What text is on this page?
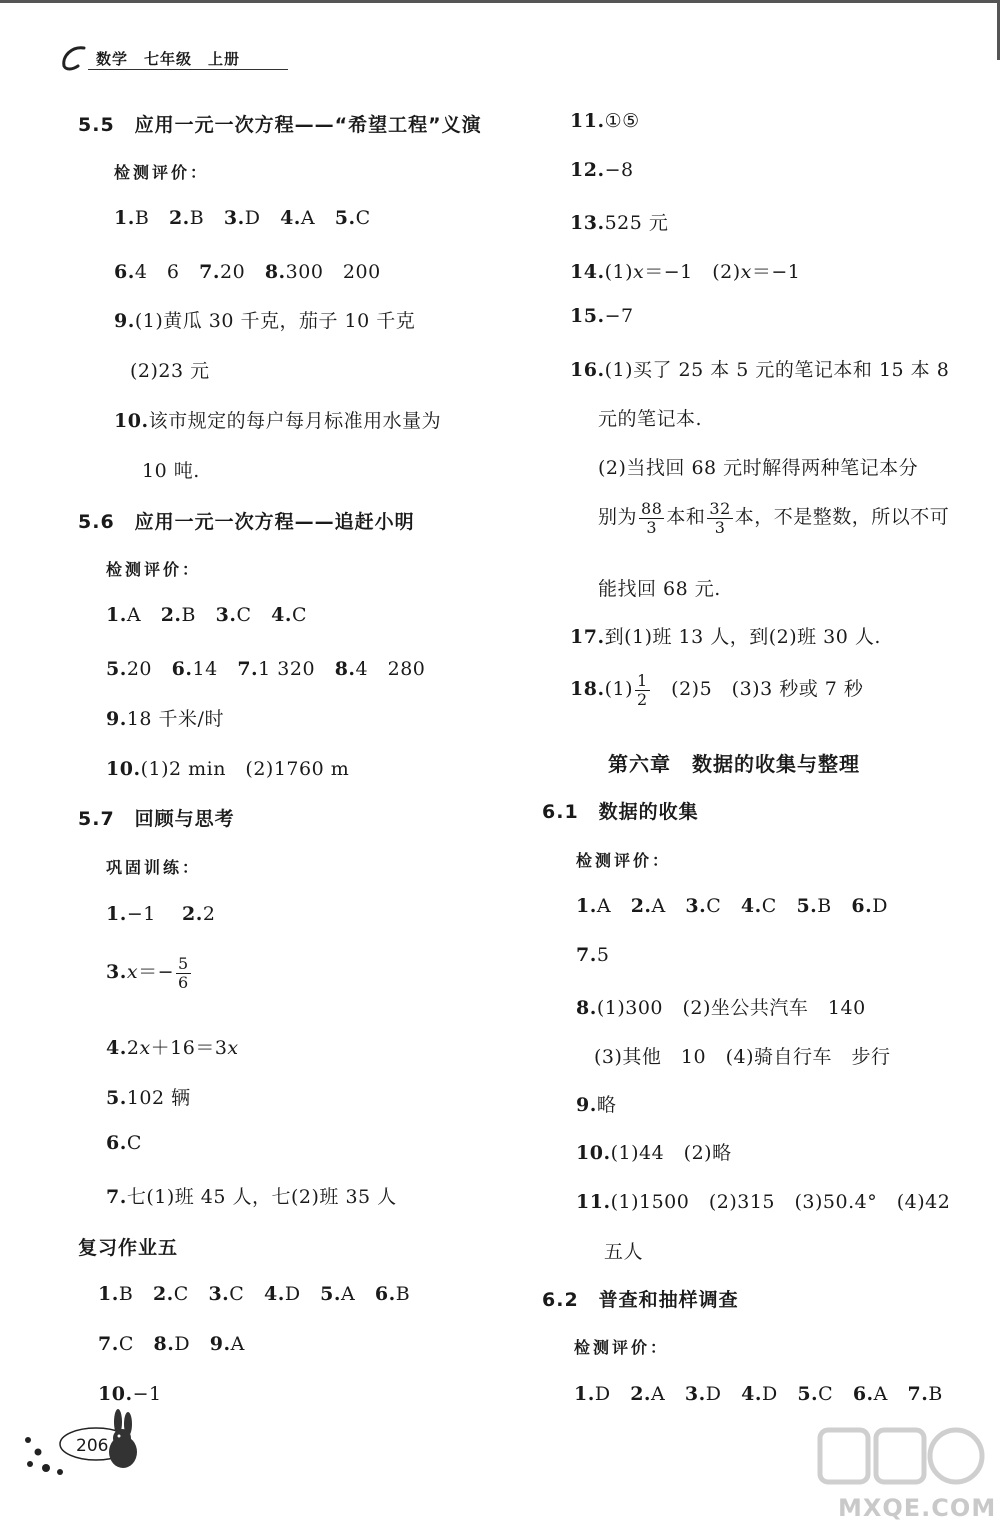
数学　七年级　上册
5.5　应用一元一次方程——“希望工程”义演
检测评价：
1.B 2.B 3.D 4.A 5.C
6.4　6 7.20 8.300　200
9.(1)黄瓜 30 千克，茄子 10 千克
(2)23 元
10.该市规定的每户每月标准用水量为
10 吨.
5.6　应用一元一次方程——追赶小明
检测评价：
1.A 2.B 3.C 4.C
5.20 6.14 7.1 320 8.4　280
9.18 千米/时
10.(1)2 min　(2)1760 m
5.7　回顾与思考
巩固训练：
1.−1 2.2
$3.x=- \frac{5}{6}$
4.2x＋16＝3x
5.102 辆
6.C
7.七(1)班 45 人，七(2)班 35 人
复习作业五
1.B 2.C 3.C 4.D 5.A 6.B
7.C 8.D 9.A
10.−1
11.①⑤
12.−8
13.525 元
14.(1)x＝−1　(2)x＝−1
15.−7
16.(1)买了 25 本 5 元的笔记本和 15 本 8
元的笔记本.
(2)当找回 68 元时解得两种笔记本分
别为 $\frac{88}{3}$ 本和 $\frac{32}{3}$ 本，不是整数，所以不可
能找回 68 元.
17.到(1)班 13 人，到(2)班 30 人.
$18.(1) \frac{1}{2}$ 　(2)5　(3)3 秒或 7 秒
第六章　数据的收集与整理
6.1　数据的收集
检测评价：
1.A 2.A 3.C 4.C 5.B 6.D
7.5
8.(1)300　(2)坐公共汽车　140
(3)其他　10　(4)骑自行车　步行
9.略
10.(1)44　(2)略
11.(1)1500　(2)315　(3)50.4°　(4)42
五人
6.2　普查和抽样调查
检测评价：
1.D 2.A 3.D 4.D 5.C 6.A 7.B
206
MXQE.COM
